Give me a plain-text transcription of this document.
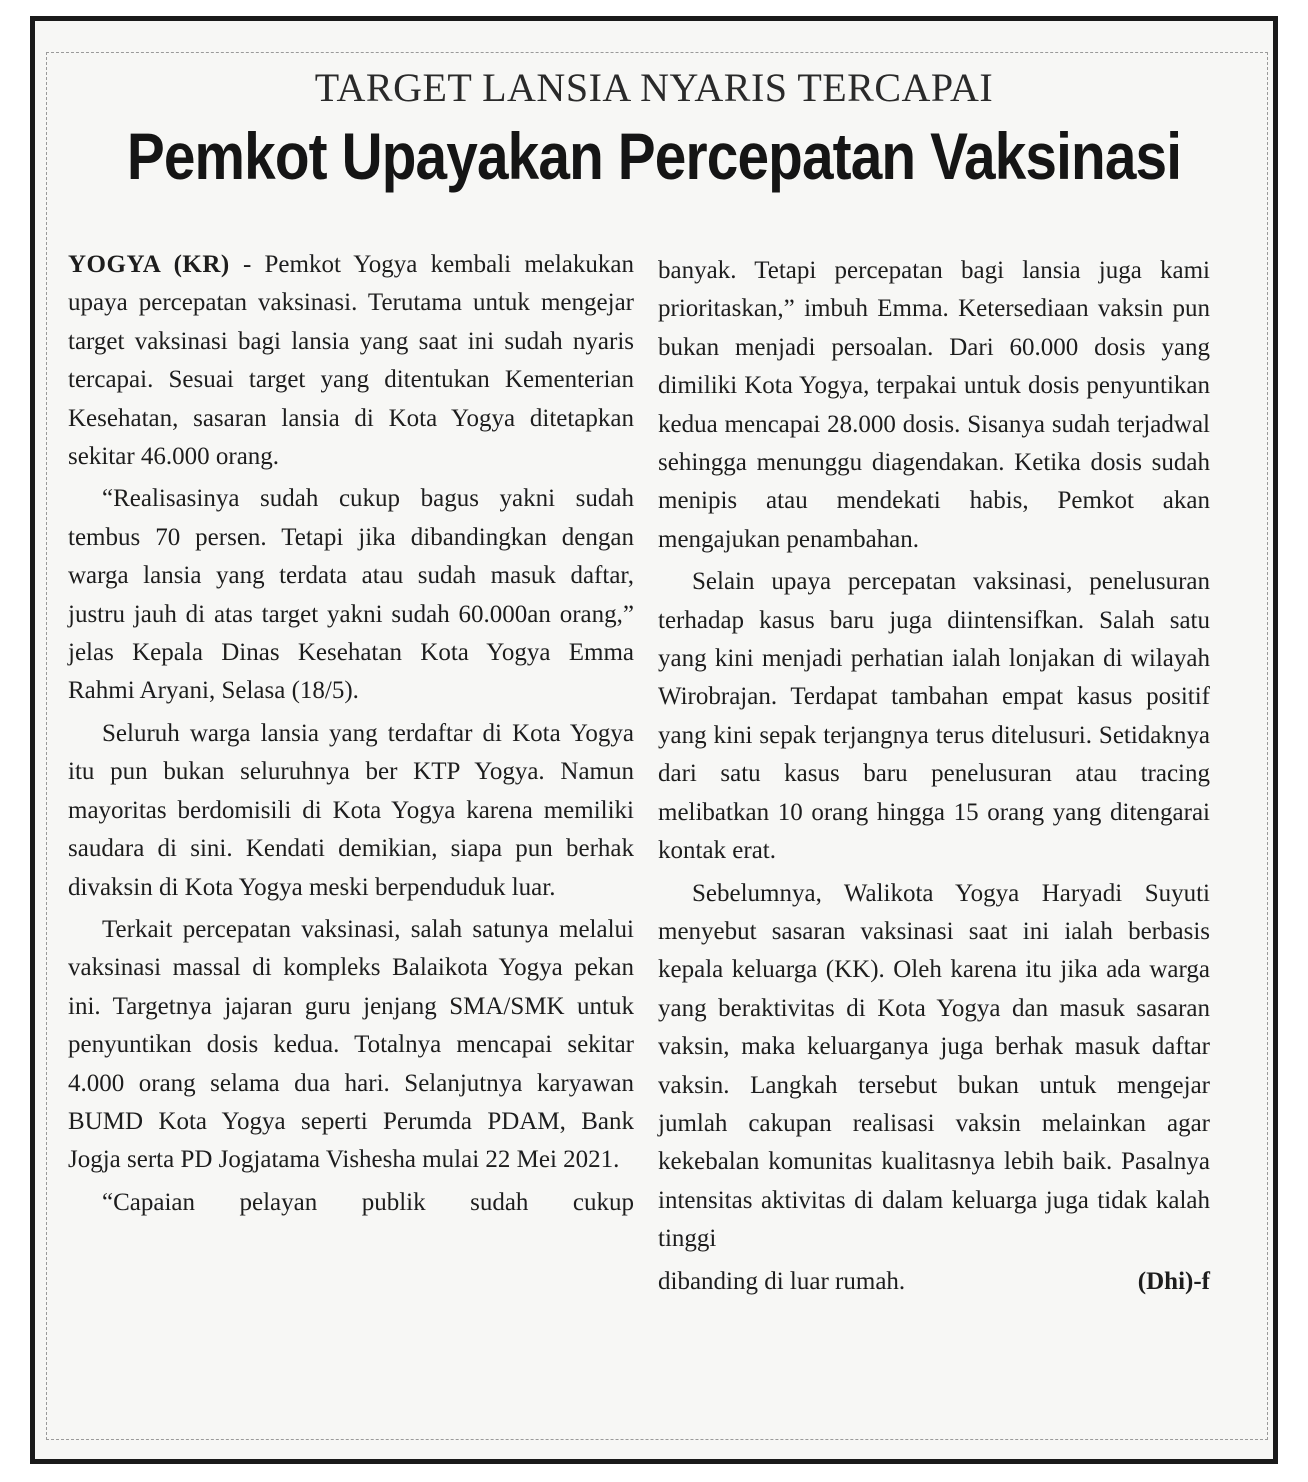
TARGET LANSIA NYARIS TERCAPAI
Pemkot Upayakan Percepatan Vaksinasi

YOGYA (KR) - Pemkot Yogya kembali melakukan upaya percepatan vaksinasi. Terutama untuk mengejar target vaksinasi bagi lansia yang saat ini sudah nyaris tercapai. Sesuai target yang ditentukan Kementerian Kesehatan, sasaran lansia di Kota Yogya ditetapkan sekitar 46.000 orang.

“Realisasinya sudah cukup bagus yakni sudah tembus 70 persen. Tetapi jika dibandingkan dengan warga lansia yang terdata atau sudah masuk daftar, justru jauh di atas target yakni sudah 60.000an orang,” jelas Kepala Dinas Kesehatan Kota Yogya Emma Rahmi Aryani, Selasa (18/5).

Seluruh warga lansia yang terdaftar di Kota Yogya itu pun bukan seluruhnya ber KTP Yogya. Namun mayoritas berdomisili di Kota Yogya karena memiliki saudara di sini. Kendati demikian, siapa pun berhak divaksin di Kota Yogya meski berpenduduk luar.

Terkait percepatan vaksinasi, salah satunya melalui vaksinasi massal di kompleks Balaikota Yogya pekan ini. Targetnya jajaran guru jenjang SMA/SMK untuk penyuntikan dosis kedua. Totalnya mencapai sekitar 4.000 orang selama dua hari. Selanjutnya karyawan BUMD Kota Yogya seperti Perumda PDAM, Bank Jogja serta PD Jogjatama Vishesha mulai 22 Mei 2021.

“Capaian pelayan publik sudah cukup

banyak. Tetapi percepatan bagi lansia juga kami prioritaskan,” imbuh Emma. Ketersediaan vaksin pun bukan menjadi persoalan. Dari 60.000 dosis yang dimiliki Kota Yogya, terpakai untuk dosis penyuntikan kedua mencapai 28.000 dosis. Sisanya sudah terjadwal sehingga menunggu diagendakan. Ketika dosis sudah menipis atau mendekati habis, Pemkot akan mengajukan penambahan.

Selain upaya percepatan vaksinasi, penelusuran terhadap kasus baru juga diintensifkan. Salah satu yang kini menjadi perhatian ialah lonjakan di wilayah Wirobrajan. Terdapat tambahan empat kasus positif yang kini sepak terjangnya terus ditelusuri. Setidaknya dari satu kasus baru penelusuran atau tracing melibatkan 10 orang hingga 15 orang yang ditengarai kontak erat.

Sebelumnya, Walikota Yogya Haryadi Suyuti menyebut sasaran vaksinasi saat ini ialah berbasis kepala keluarga (KK). Oleh karena itu jika ada warga yang beraktivitas di Kota Yogya dan masuk sasaran vaksin, maka keluarganya juga berhak masuk daftar vaksin. Langkah tersebut bukan untuk mengejar jumlah cakupan realisasi vaksin melainkan agar kekebalan komunitas kualitasnya lebih baik. Pasalnya intensitas aktivitas di dalam keluarga juga tidak kalah tinggi

dibanding di luar rumah.	(Dhi)-f
